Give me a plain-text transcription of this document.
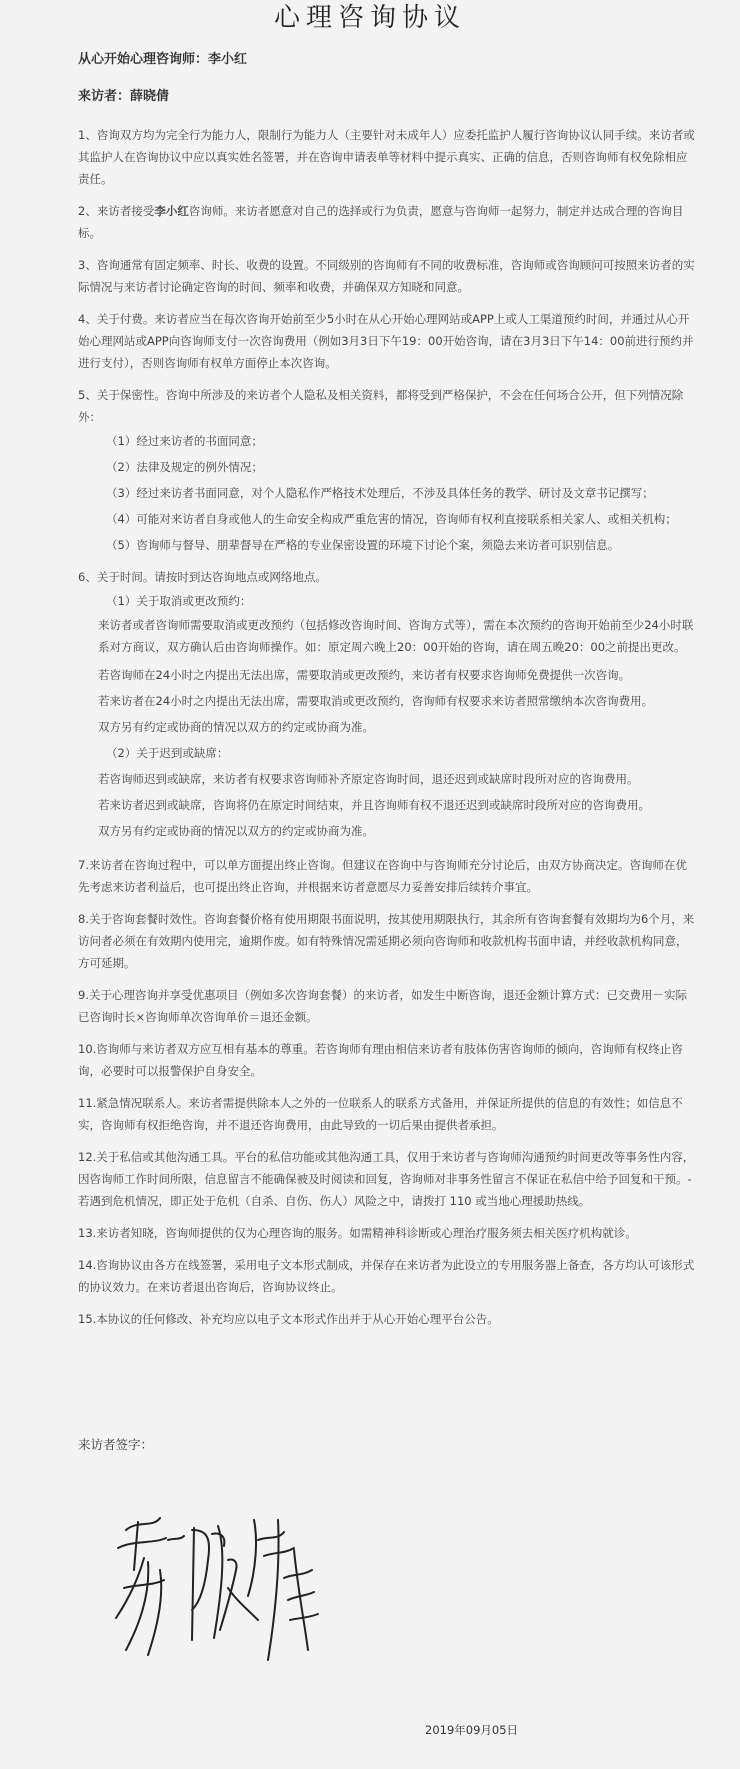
心理咨询协议

从心开始心理咨询师：李小红

来访者：薛晓倩

1、咨询双方均为完全行为能力人，限制行为能力人（主要针对未成年人）应委托监护人履行咨询协议认同手续。来访者或其监护人在咨询协议中应以真实姓名签署，并在咨询申请表单等材料中提示真实、正确的信息，否则咨询师有权免除相应责任。

2、来访者接受李小红咨询师。来访者愿意对自己的选择或行为负责，愿意与咨询师一起努力，制定并达成合理的咨询目标。

3、咨询通常有固定频率、时长、收费的设置。不同级别的咨询师有不同的收费标准，咨询师或咨询顾问可按照来访者的实际情况与来访者讨论确定咨询的时间、频率和收费，并确保双方知晓和同意。

4、关于付费。来访者应当在每次咨询开始前至少5小时在从心开始心理网站或APP上或人工渠道预约时间，并通过从心开始心理网站或APP向咨询师支付一次咨询费用（例如3月3日下午19：00开始咨询，请在3月3日下午14：00前进行预约并进行支付），否则咨询师有权单方面停止本次咨询。

5、关于保密性。咨询中所涉及的来访者个人隐私及相关资料，都将受到严格保护，不会在任何场合公开，但下列情况除外：

（1）经过来访者的书面同意；

（2）法律及规定的例外情况；

（3）经过来访者书面同意，对个人隐私作严格技术处理后，不涉及具体任务的教学、研讨及文章书记撰写；

（4）可能对来访者自身或他人的生命安全构成严重危害的情况，咨询师有权利直接联系相关家人、或相关机构；

（5）咨询师与督导、朋辈督导在严格的专业保密设置的环境下讨论个案，须隐去来访者可识别信息。

6、关于时间。请按时到达咨询地点或网络地点。

（1）关于取消或更改预约：

来访者或者咨询师需要取消或更改预约（包括修改咨询时间、咨询方式等），需在本次预约的咨询开始前至少24小时联系对方商议，双方确认后由咨询师操作。如：原定周六晚上20：00开始的咨询，请在周五晚20：00之前提出更改。

若咨询师在24小时之内提出无法出席，需要取消或更改预约，来访者有权要求咨询师免费提供一次咨询。

若来访者在24小时之内提出无法出席，需要取消或更改预约，咨询师有权要求来访者照常缴纳本次咨询费用。

双方另有约定或协商的情况以双方的约定或协商为准。

（2）关于迟到或缺席：

若咨询师迟到或缺席，来访者有权要求咨询师补齐原定咨询时间，退还迟到或缺席时段所对应的咨询费用。

若来访者迟到或缺席，咨询将仍在原定时间结束，并且咨询师有权不退还迟到或缺席时段所对应的咨询费用。

双方另有约定或协商的情况以双方的约定或协商为准。

7.来访者在咨询过程中，可以单方面提出终止咨询。但建议在咨询中与咨询师充分讨论后，由双方协商决定。咨询师在优先考虑来访者利益后，也可提出终止咨询，并根据来访者意愿尽力妥善安排后续转介事宜。

8.关于咨询套餐时效性。咨询套餐价格有使用期限书面说明，按其使用期限执行，其余所有咨询套餐有效期均为6个月，来访问者必须在有效期内使用完，逾期作废。如有特殊情况需延期必须向咨询师和收款机构书面申请，并经收款机构同意，方可延期。

9.关于心理咨询并享受优惠项目（例如多次咨询套餐）的来访者，如发生中断咨询，退还金额计算方式：已交费用－实际已咨询时长×咨询师单次咨询单价＝退还金额。

10.咨询师与来访者双方应互相有基本的尊重。若咨询师有理由相信来访者有肢体伤害咨询师的倾向，咨询师有权终止咨询，必要时可以报警保护自身安全。

11.紧急情况联系人。来访者需提供除本人之外的一位联系人的联系方式备用，并保证所提供的信息的有效性；如信息不实，咨询师有权拒绝咨询，并不退还咨询费用，由此导致的一切后果由提供者承担。

12.关于私信或其他沟通工具。平台的私信功能或其他沟通工具，仅用于来访者与咨询师沟通预约时间更改等事务性内容，因咨询师工作时间所限，信息留言不能确保被及时阅读和回复，咨询师对非事务性留言不保证在私信中给予回复和干预。- 若遇到危机情况，即正处于危机（自杀、自伤、伤人）风险之中，请拨打 110 或当地心理援助热线。

13.来访者知晓，咨询师提供的仅为心理咨询的服务。如需精神科诊断或心理治疗服务须去相关医疗机构就诊。

14.咨询协议由各方在线签署，采用电子文本形式制成，并保存在来访者为此设立的专用服务器上备查，各方均认可该形式的协议效力。在来访者退出咨询后，咨询协议终止。

15.本协议的任何修改、补充均应以电子文本形式作出并于从心开始心理平台公告。

来访者签字：
2019年09月05日
